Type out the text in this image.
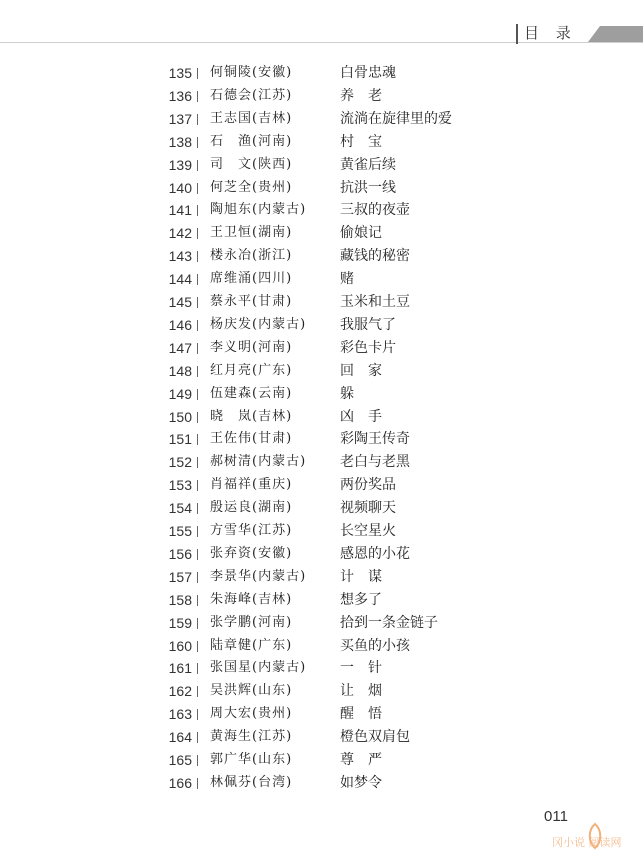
目 录
135 何铜陵(安徽)	白骨忠魂
136 石德会(江苏)	养　老
137 王志国(吉林)	流淌在旋律里的爱
138 石　渔(河南)	村　宝
139 司　文(陕西)	黄雀后续
140 何芝全(贵州)	抗洪一线
141 陶旭东(内蒙古) 三叔的夜壶
142 王卫恒(湖南)	偷娘记
143 楼永冶(浙江)	藏钱的秘密
144 席维涌(四川)	赌
145 蔡永平(甘肃)	玉米和土豆
146 杨庆发(内蒙古) 我服气了
147 李义明(河南)	彩色卡片
148 红月亮(广东)	回　家
149 伍建森(云南)	躲
150 晓　岚(吉林)	凶　手
151 王佐伟(甘肃)	彩陶王传奇
152 郝树清(内蒙古) 老白与老黑
153 肖福祥(重庆)	两份奖品
154 殷运良(湖南)	视频聊天
155 方雪华(江苏)	长空星火
156 张弃资(安徽)	感恩的小花
157 李景华(内蒙古) 计　谋
158 朱海峰(吉林)	想多了
159 张学鹏(河南)	拾到一条金链子
160 陆章健(广东)	买鱼的小孩
161 张国星(内蒙古) 一　针
162 吴洪辉(山东)	让　烟
163 周大宏(贵州)	醒　悟
164 黄海生(江苏)	橙色双肩包
165 郭广华(山东)	尊　严
166 林佩芬(台湾)	如梦令
011
冈小说 阅读网
